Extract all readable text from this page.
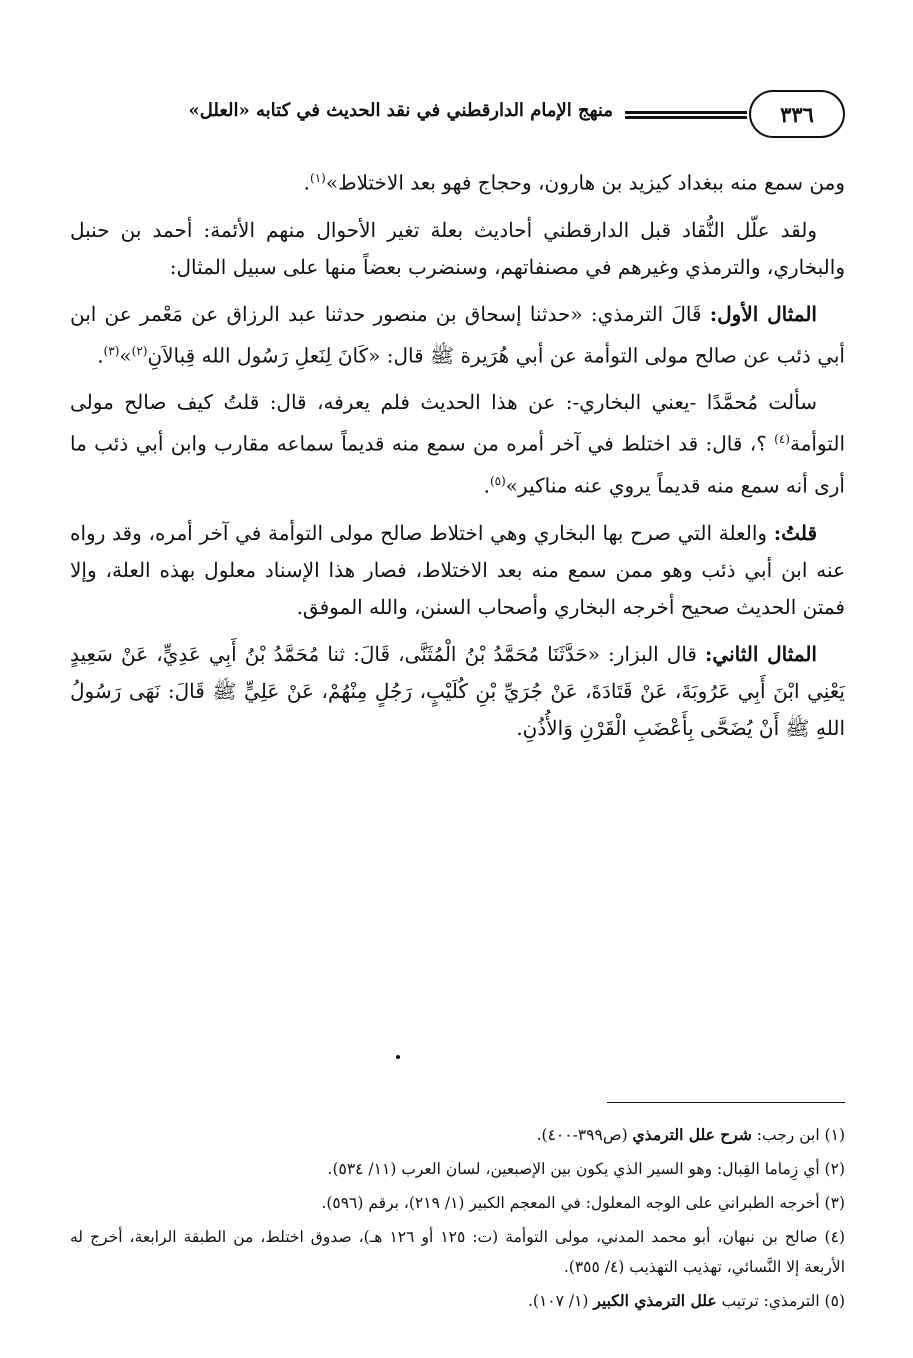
٣٣٦
منهج الإمام الدارقطني في نقد الحديث في كتابه «العلل»

ومن سمع منه ببغداد كيزيد بن هارون، وحجاج فهو بعد الاختلاط»$^{(١)}$.

ولقد علّل النُّقاد قبل الدارقطني أحاديث بعلة تغير الأحوال منهم الأئمة: أحمد بن حنبل والبخاري، والترمذي وغيرهم في مصنفاتهم، وسنضرب بعضاً منها على سبيل المثال:

المثال الأول: قَالَ الترمذي: «حدثنا إسحاق بن منصور حدثنا عبد الرزاق عن مَعْمر عن ابن أبي ذئب عن صالح مولى التوأمة عن أبي هُرَيرة ﷺ قال: «كَانَ لِنَعلِ رَسُول الله قِبالاَنِ$^{(٢)}$»$^{(٣)}$.

سألت مُحمَّدًا -يعني البخاري-: عن هذا الحديث فلم يعرفه، قال: قلتُ كيف صالح مولى التوأمة$^{(٤)}$ ؟، قال: قد اختلط في آخر أمره من سمع منه قديماً سماعه مقارب وابن أبي ذئب ما أرى أنه سمع منه قديماً يروي عنه مناكير»$^{(٥)}$.

قلتُ: والعلة التي صرح بها البخاري وهي اختلاط صالح مولى التوأمة في آخر أمره، وقد رواه عنه ابن أبي ذئب وهو ممن سمع منه بعد الاختلاط، فصار هذا الإسناد معلول بهذه العلة، وإلا فمتن الحديث صحيح أخرجه البخاري وأصحاب السنن، والله الموفق.

المثال الثاني: قال البزار: «حَدَّثَنَا مُحَمَّدُ بْنُ الْمُثَنَّى، قَالَ: ثنا مُحَمَّدُ بْنُ أَبِي عَدِيٍّ، عَنْ سَعِيدٍ يَعْنِي ابْنَ أَبِي عَرُوبَةَ، عَنْ قَتَادَةَ، عَنْ جُرَيِّ بْنِ كُلَيْبٍ، رَجُلٍ مِنْهُمْ، عَنْ عَلِيٍّ ﷺ قَالَ: نَهَى رَسُولُ اللهِ ﷺ أَنْ يُضَحَّى بِأَعْضَبِ الْقَرْنِ وَالأُذُنِ.

(١) ابن رجب: شرح علل الترمذي (ص٣٩٩-٤٠٠).

(٢) أي زِماما القِبال: وهو السير الذي يكون بين الإصبعين، لسان العرب (١١/ ٥٣٤).

(٣) أخرجه الطبراني على الوجه المعلول: في المعجم الكبير (١/ ٢١٩)، برقم (٥٩٦).

(٤) صالح بن نبهان، أبو محمد المدني، مولى التوأمة (ت: ١٢٥ أو ١٢٦ هـ)، صدوق اختلط، من الطبقة الرابعة، أخرج له الأربعة إلا النَّسائي، تهذيب التهذيب (٤/ ٣٥٥).

(٥) الترمذي: ترتيب علل الترمذي الكبير (١/ ١٠٧).
